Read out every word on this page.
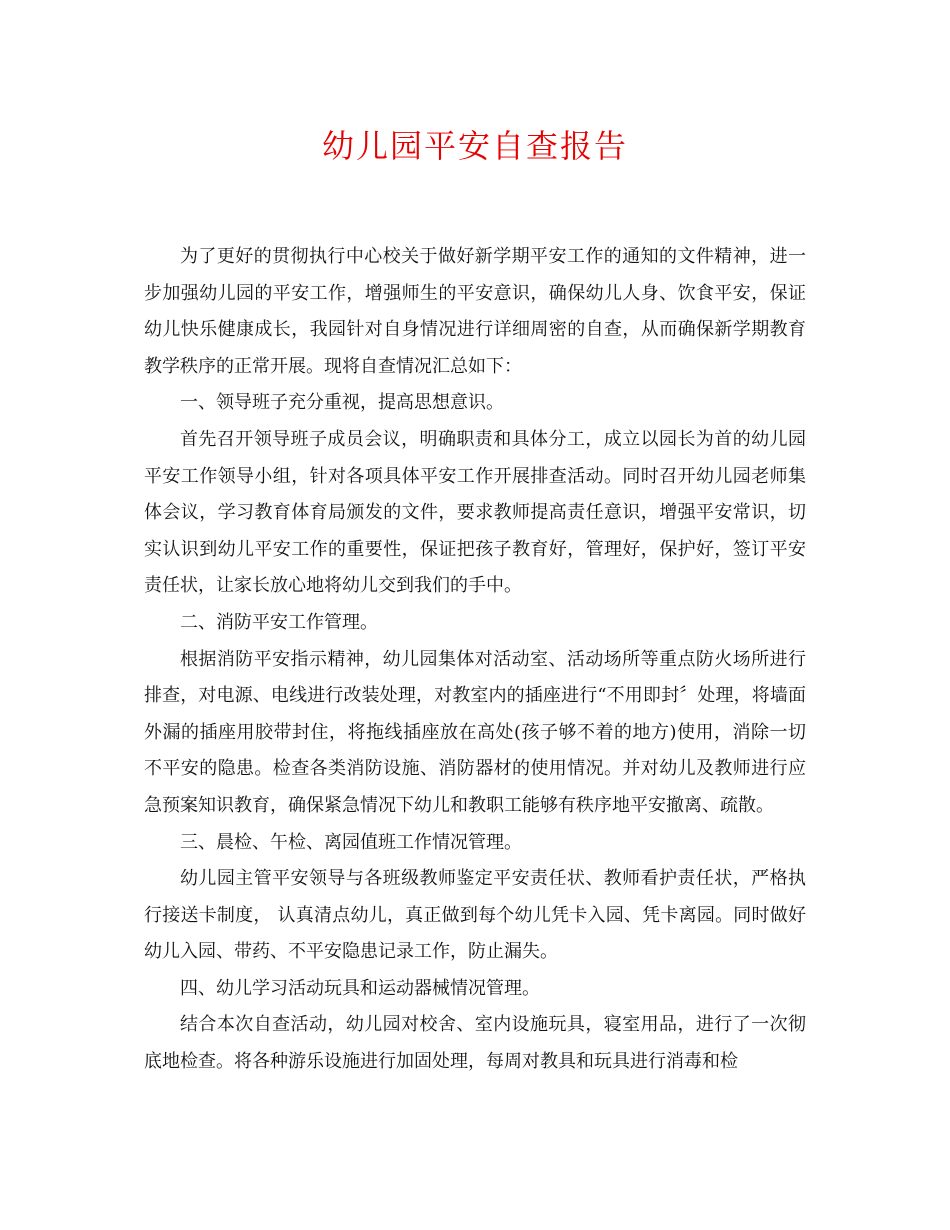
幼儿园平安自查报告

为了更好的贯彻执行中心校关于做好新学期平安工作的通知的文件精神，进一步加强幼儿园的平安工作，增强师生的平安意识，确保幼儿人身、饮食平安，保证幼儿快乐健康成长，我园针对自身情况进行详细周密的自查，从而确保新学期教育教学秩序的正常开展。现将自查情况汇总如下：

一、领导班子充分重视，提高思想意识。

首先召开领导班子成员会议，明确职责和具体分工，成立以园长为首的幼儿园平安工作领导小组，针对各项具体平安工作开展排查活动。同时召开幼儿园老师集体会议，学习教育体育局颁发的文件，要求教师提高责任意识，增强平安常识，切实认识到幼儿平安工作的重要性，保证把孩子教育好，管理好，保护好，签订平安责任状，让家长放心地将幼儿交到我们的手中。

二、消防平安工作管理。

根据消防平安指示精神，幼儿园集体对活动室、活动场所等重点防火场所进行排查，对电源、电线进行改装处理，对教室内的插座进行“不用即封〞处理，将墙面外漏的插座用胶带封住，将拖线插座放在高处(孩子够不着的地方)使用，消除一切不平安的隐患。检查各类消防设施、消防器材的使用情况。并对幼儿及教师进行应急预案知识教育，确保紧急情况下幼儿和教职工能够有秩序地平安撤离、疏散。

三、晨检、午检、离园值班工作情况管理。

幼儿园主管平安领导与各班级教师鉴定平安责任状、教师看护责任状，严格执行接送卡制度， 认真清点幼儿，真正做到每个幼儿凭卡入园、凭卡离园。同时做好幼儿入园、带药、不平安隐患记录工作，防止漏失。

四、幼儿学习活动玩具和运动器械情况管理。

结合本次自查活动，幼儿园对校舍、室内设施玩具，寝室用品，进行了一次彻底地检查。将各种游乐设施进行加固处理，每周对教具和玩具进行消毒和检
